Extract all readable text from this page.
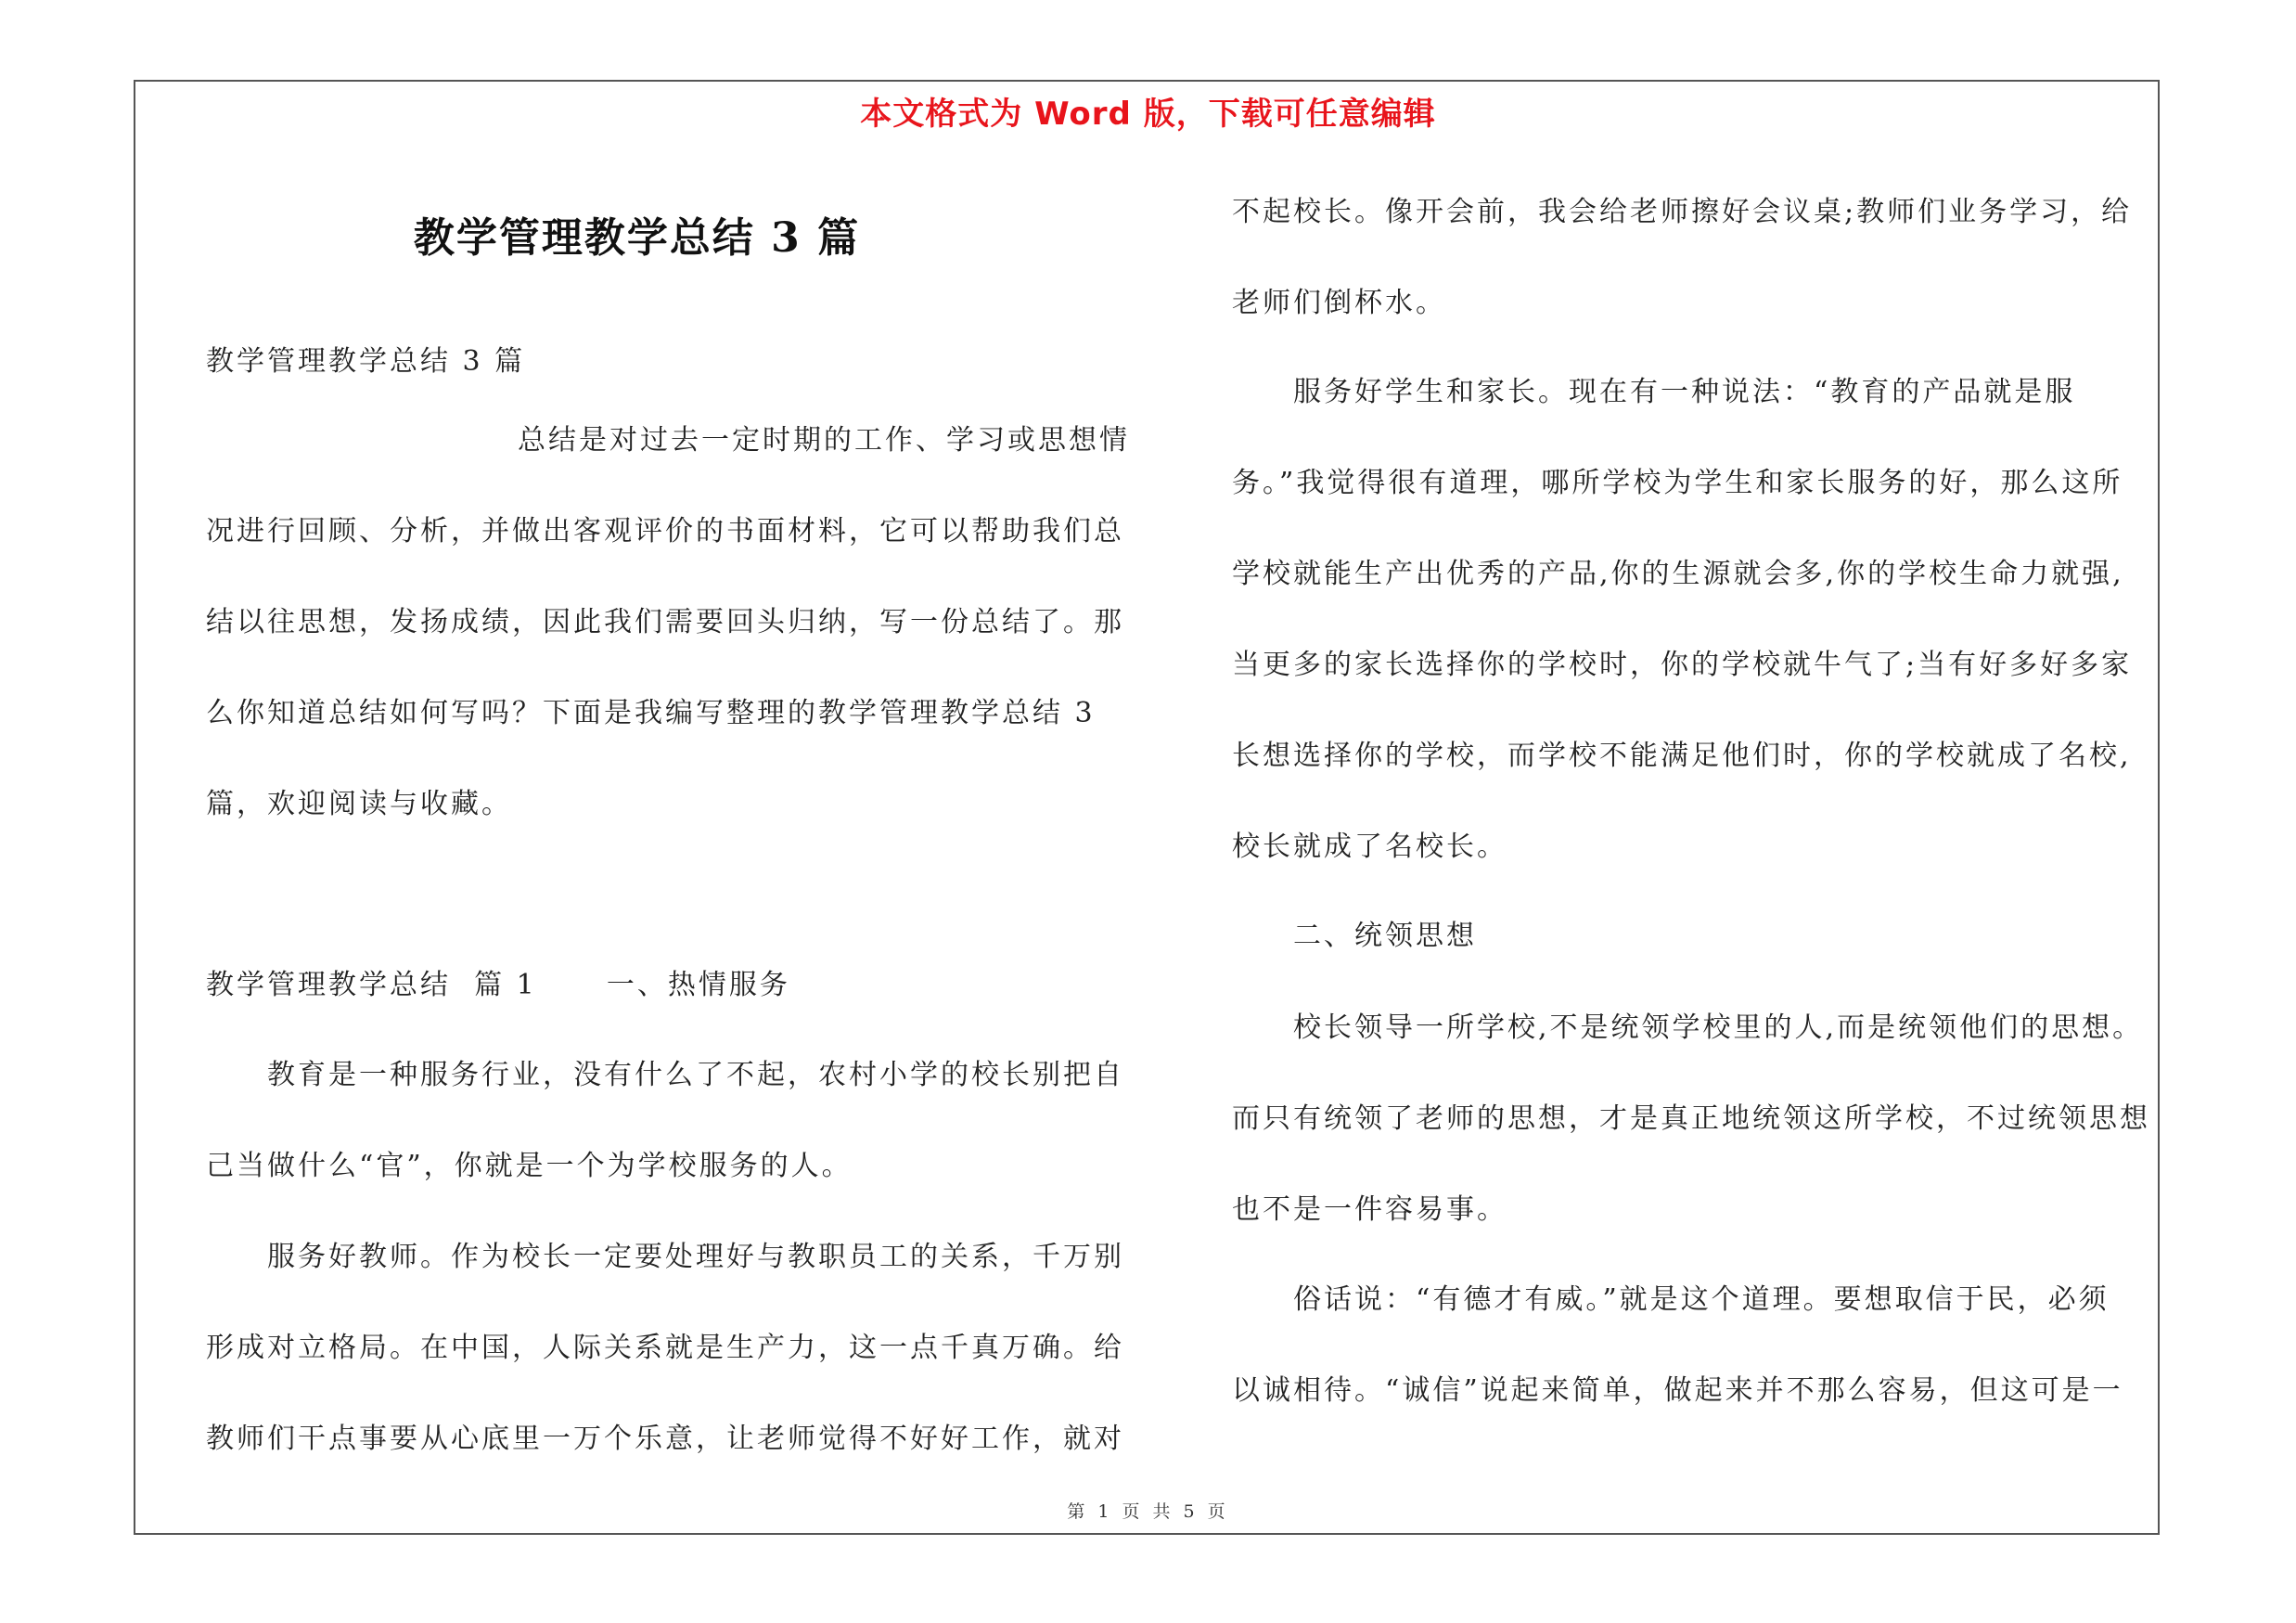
本文格式为 Word 版，下载可任意编辑
教学管理教学总结 3 篇
教学管理教学总结 3 篇
总结是对过去一定时期的工作、学习或思想情
况进行回顾、分析，并做出客观评价的书面材料，它可以帮助我们总
结以往思想，发扬成绩，因此我们需要回头归纳，写一份总结了。那
么你知道总结如何写吗？下面是我编写整理的教学管理教学总结 3
篇，欢迎阅读与收藏。
教学管理教学总结  篇 1      一、热情服务
教育是一种服务行业，没有什么了不起，农村小学的校长别把自
己当做什么“官”，你就是一个为学校服务的人。
服务好教师。作为校长一定要处理好与教职员工的关系，千万别
形成对立格局。在中国，人际关系就是生产力，这一点千真万确。给
教师们干点事要从心底里一万个乐意，让老师觉得不好好工作，就对
不起校长。像开会前，我会给老师擦好会议桌;教师们业务学习，给
老师们倒杯水。
服务好学生和家长。现在有一种说法：“教育的产品就是服
务。”我觉得很有道理，哪所学校为学生和家长服务的好，那么这所
学校就能生产出优秀的产品,你的生源就会多,你的学校生命力就强,
当更多的家长选择你的学校时，你的学校就牛气了;当有好多好多家
长想选择你的学校，而学校不能满足他们时，你的学校就成了名校,
校长就成了名校长。
二、统领思想
校长领导一所学校,不是统领学校里的人,而是统领他们的思想。
而只有统领了老师的思想，才是真正地统领这所学校，不过统领思想
也不是一件容易事。
俗话说：“有德才有威。”就是这个道理。要想取信于民，必须
以诚相待。“诚信”说起来简单，做起来并不那么容易，但这可是一
第 1 页 共 5 页
